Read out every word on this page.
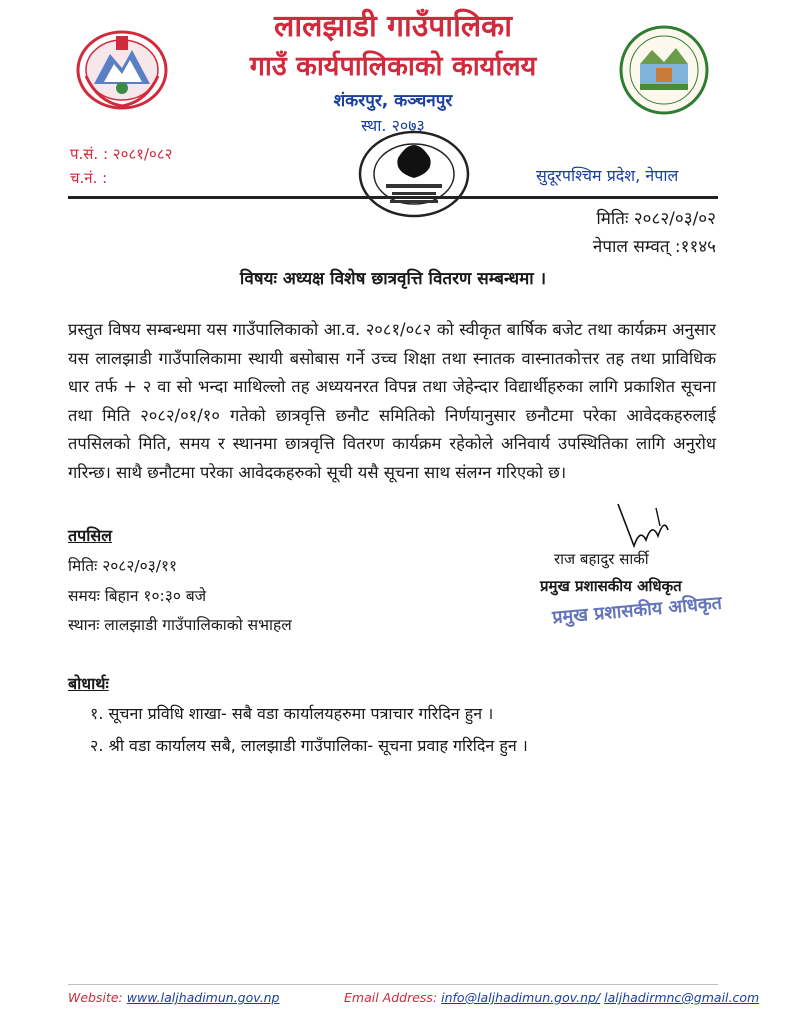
लालझाडी गाउँपालिका
गाउँ कार्यपालिकाको कार्यालय
शंकरपुर, कञ्चनपुर
स्था. २०७३
प.सं. : २०८१/०८२
च.नं. :	सुदूरपश्चिम प्रदेश, नेपाल
मितिः २०८२/०३/०२
नेपाल सम्वत् :११४५
विषयः अध्यक्ष विशेष छात्रवृत्ति वितरण सम्बन्धमा ।
प्रस्तुत विषय सम्बन्धमा यस गाउँपालिकाको आ.व. २०८१/०८२ को स्वीकृत बार्षिक बजेट तथा कार्यक्रम अनुसार यस लालझाडी गाउँपालिकामा स्थायी बसोबास गर्ने उच्च शिक्षा तथा स्नातक वास्नातकोत्तर तह तथा प्राविधिक धार तर्फ + २ वा सो भन्दा माथिल्लो तह अध्ययनरत विपन्न तथा जेहेन्दार विद्यार्थीहरुका लागि प्रकाशित सूचना तथा मिति २०८२/०१/१० गतेको छात्रवृत्ति छनौट समितिको निर्णयानुसार छनौटमा परेका आवेदकहरुलाई तपसिलको मिति, समय र स्थानमा छात्रवृत्ति वितरण कार्यक्रम रहेकोले अनिवार्य उपस्थितिका लागि अनुरोध गरिन्छ। साथै छनौटमा परेका आवेदकहरुको सूची यसै सूचना साथ संलग्न गरिएको छ।
तपसिल
मितिः २०८२/०३/११
समयः बिहान १०:३० बजे
स्थानः लालझाडी गाउँपालिकाको सभाहल
राज बहादुर सार्की
प्रमुख प्रशासकीय अधिकृत
प्रमुख प्रशासकीय अधिकृत
बोधार्थः
१. सूचना प्रविधि शाखा- सबै वडा कार्यालयहरुमा पत्राचार गरिदिन हुन ।
२. श्री वडा कार्यालय सबै, लालझाडी गाउँपालिका- सूचना प्रवाह गरिदिन हुन ।
Website: www.laljhadimun.gov.np	Email Address: info@laljhadimun.gov.np/ laljhadirmnc@gmail.com
